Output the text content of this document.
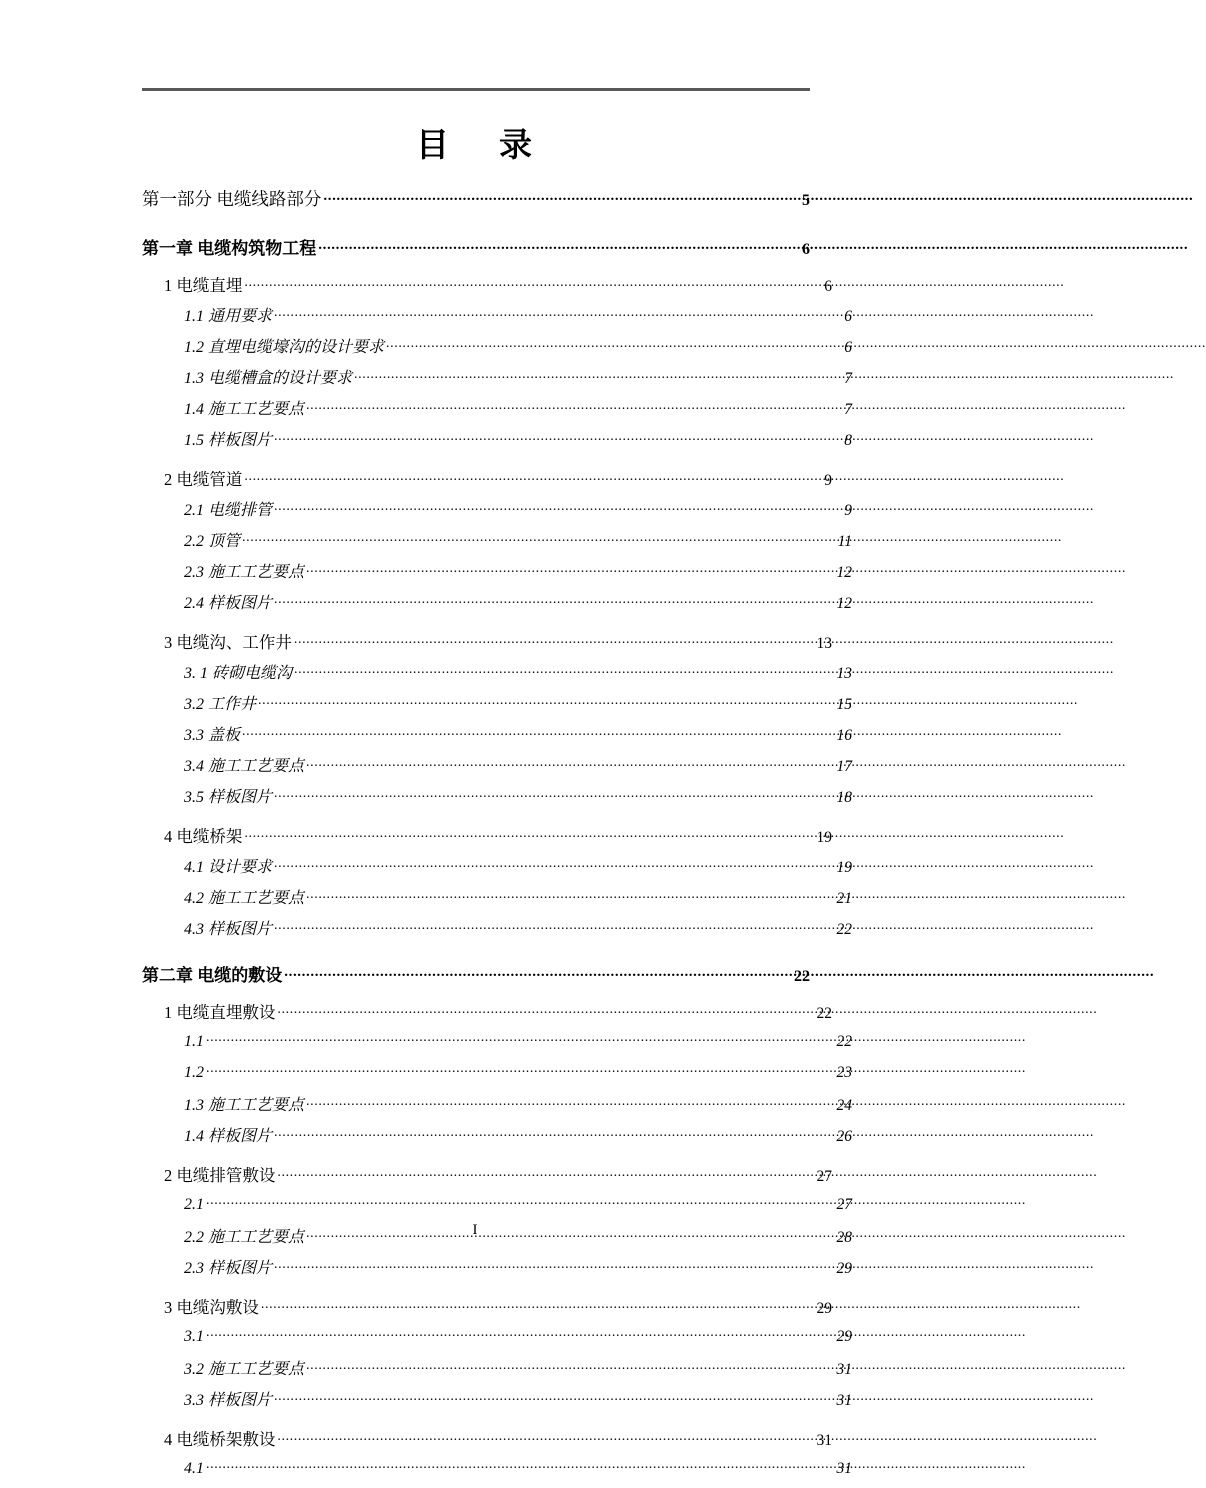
目 录
第一部分 电缆线路部分 .....	5
第一章 电缆构筑物工程 .....	6
1 电缆直埋 .....	6
1.1 通用要求 .....	6
1.2 直埋电缆壕沟的设计要求 .....	6
1.3 电缆槽盒的设计要求 .....	7
1.4 施工工艺要点 .....	7
1.5 样板图片 .....	8
2 电缆管道 .....	9
2.1 电缆排管 .....	9
2.2 顶管 .....	11
2.3 施工工艺要点 .....	12
2.4 样板图片 .....	12
3 电缆沟、工作井 .....	13
3. 1 砖砌电缆沟 .....	13
3.2 工作井 .....	15
3.3 盖板 .....	16
3.4 施工工艺要点 .....	17
3.5 样板图片 .....	18
4 电缆桥架 .....	19
4.1 设计要求 .....	19
4.2 施工工艺要点 .....	21
4.3 样板图片 .....	22
第二章 电缆的敷设 .....	22
1 电缆直埋敷设 .....	22
1.1 .....	22
1.2 .....	23
1.3 施工工艺要点 .....	24
1.4 样板图片 .....	26
2 电缆排管敷设 .....	27
2.1 .....	27
2.2 施工工艺要点 .....	28
2.3 样板图片 .....	29
3 电缆沟敷设 .....	29
3.1 .....	29
3.2 施工工艺要点 .....	31
3.3 样板图片 .....	31
4 电缆桥架敷设 .....	31
4.1 .....	31
I
